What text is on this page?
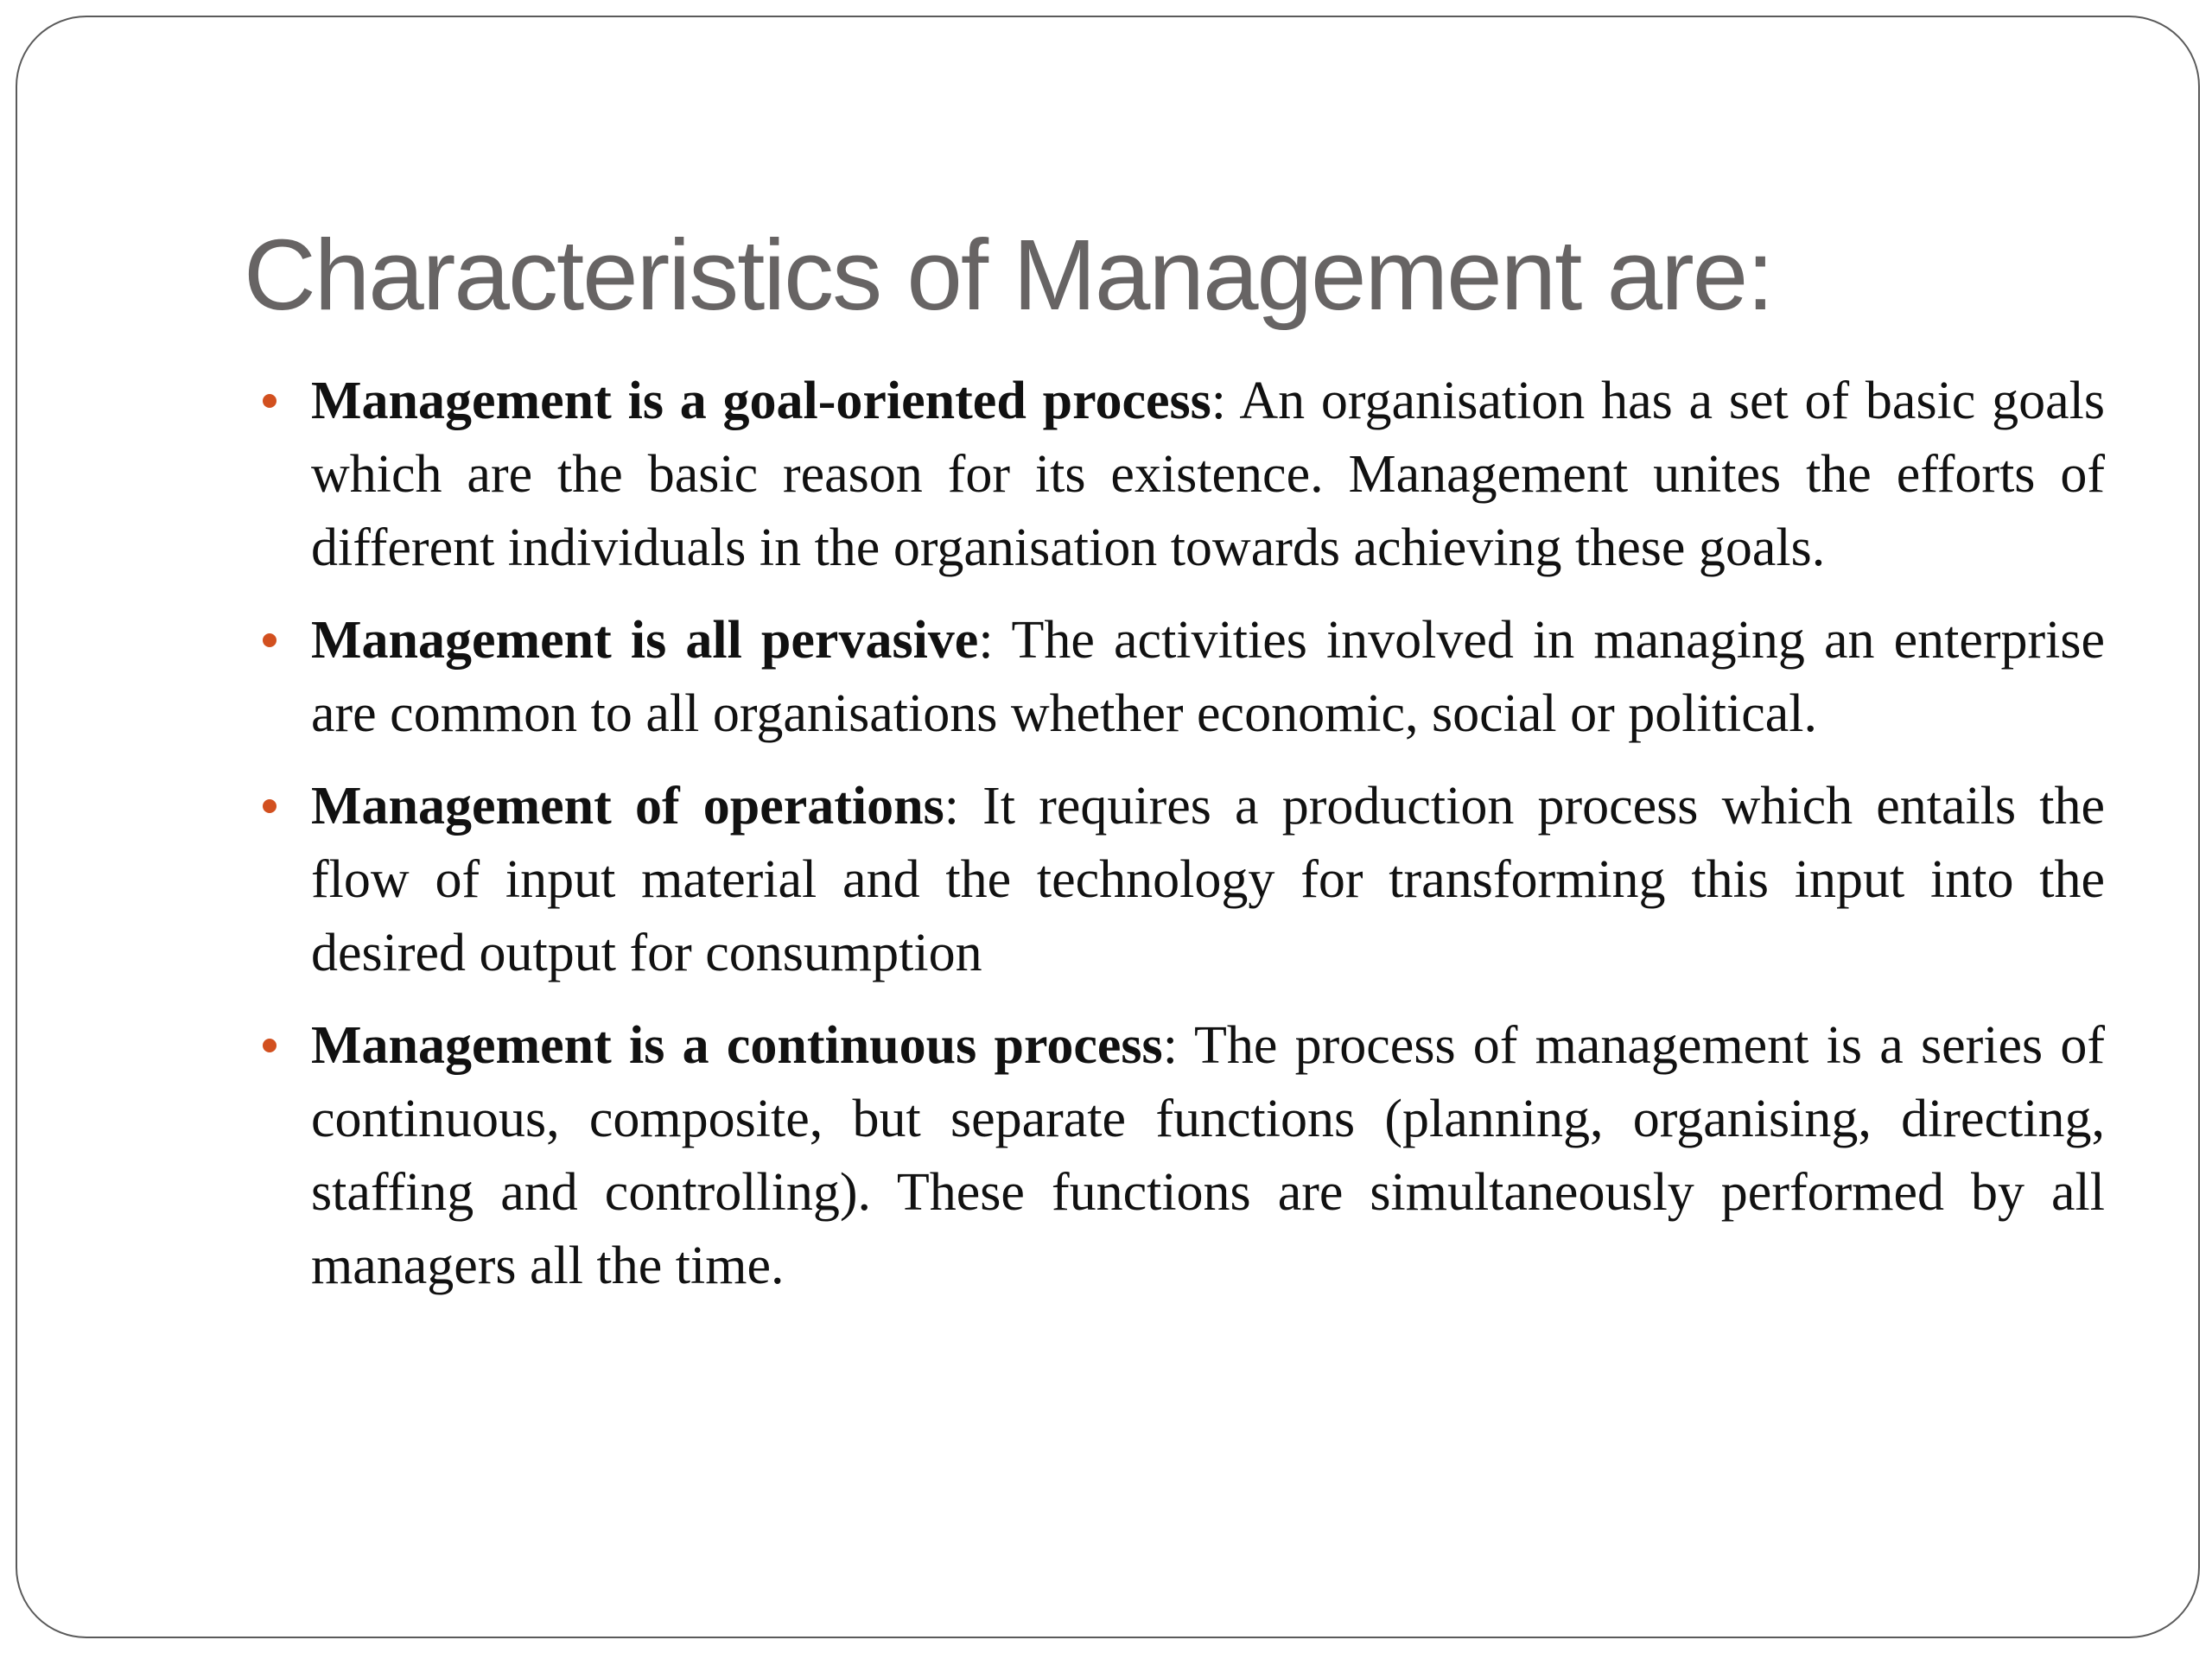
Characteristics of Management are:
Management is a goal-oriented process: An organisation has a set of basic goals which are the basic reason for its existence. Management unites the efforts of different individuals in the organisation towards achieving these goals.
Management is all pervasive: The activities involved in managing an enterprise are common to all organisations whether economic, social or political.
Management of operations: It requires a production process which entails the flow of input material and the technology for transforming this input into the desired output for consumption
Management is a continuous process: The process of management is a series of continuous, composite, but separate functions (planning, organising, directing, staffing and controlling). These functions are simultaneously performed by all managers all the time.
